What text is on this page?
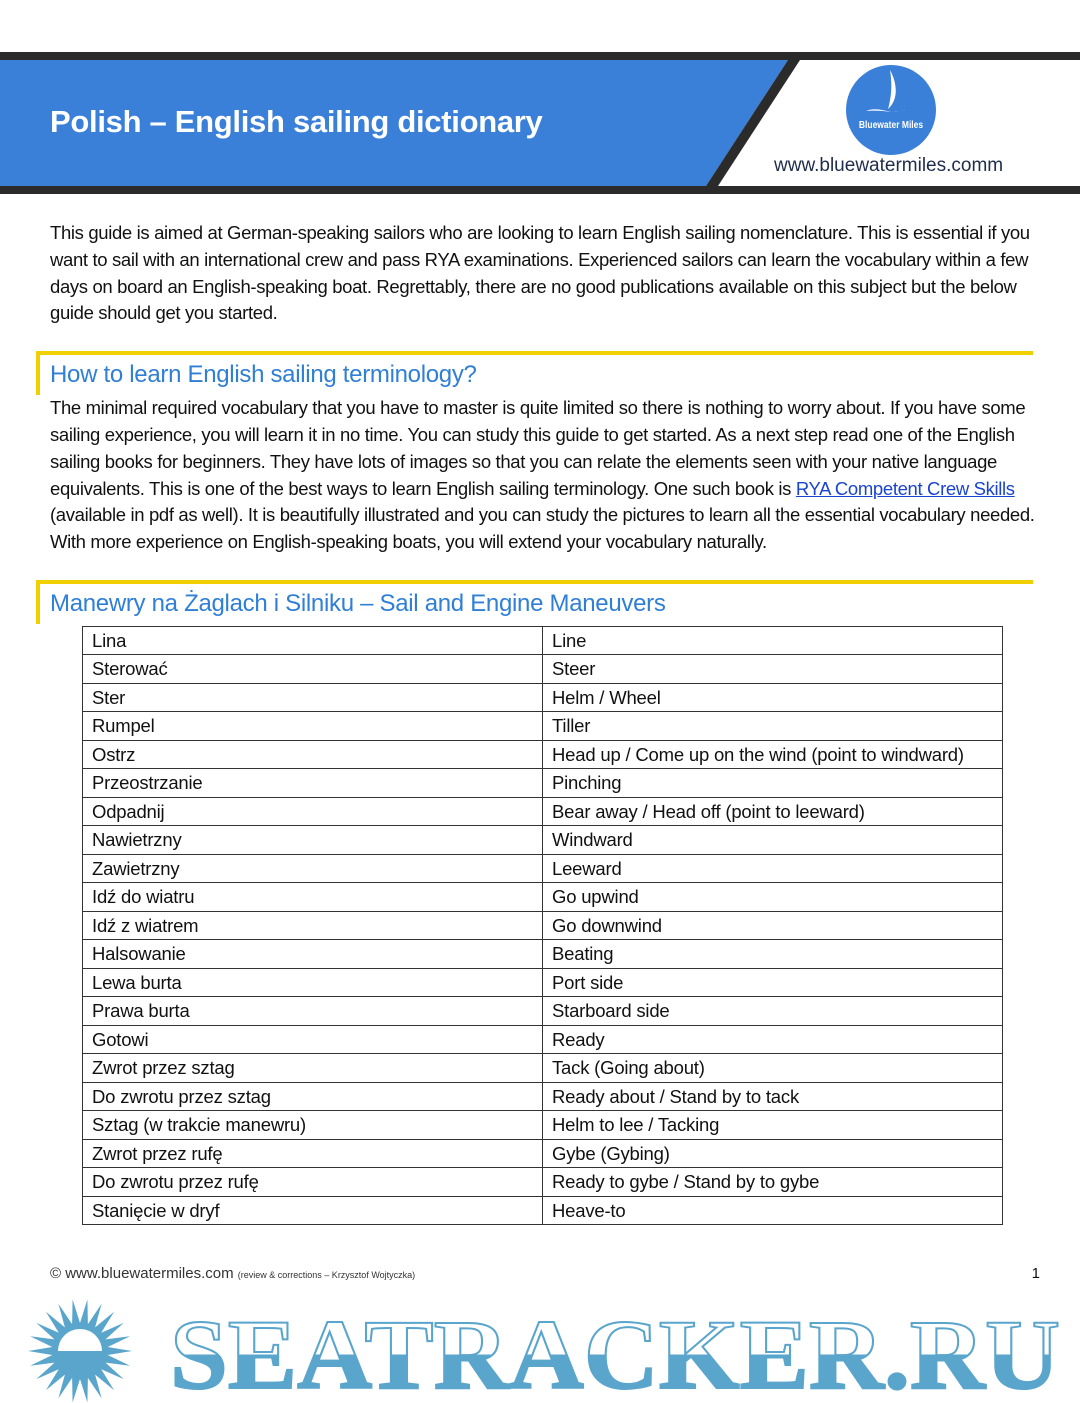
Polish – English sailing dictionary	Bluewater Miles
www.bluewatermiles.comm

This guide is aimed at German-speaking sailors who are looking to learn English sailing nomenclature. This is essential if you want to sail with an international crew and pass RYA examinations. Experienced sailors can learn the vocabulary within a few days on board an English-speaking boat. Regrettably, there are no good publications available on this subject but the below guide should get you started.

How to learn English sailing terminology?

The minimal required vocabulary that you have to master is quite limited so there is nothing to worry about. If you have some sailing experience, you will learn it in no time. You can study this guide to get started. As a next step read one of the English sailing books for beginners. They have lots of images so that you can relate the elements seen with your native language equivalents. This is one of the best ways to learn English sailing terminology. One such book is RYA Competent Crew Skills (available in pdf as well). It is beautifully illustrated and you can study the pictures to learn all the essential vocabulary needed. With more experience on English-speaking boats, you will extend your vocabulary naturally.

Manewry na Żaglach i Silniku – Sail and Engine Maneuvers
Lina	Line
Sterować	Steer
Ster	Helm / Wheel
Rumpel	Tiller
Ostrz	Head up / Come up on the wind (point to windward)
Przeostrzanie	Pinching
Odpadnij	Bear away / Head off (point to leeward)
Nawietrzny	Windward
Zawietrzny	Leeward
Idź do wiatru	Go upwind
Idź z wiatrem	Go downwind
Halsowanie	Beating
Lewa burta	Port side
Prawa burta	Starboard side
Gotowi	Ready
Zwrot przez sztag	Tack (Going about)
Do zwrotu przez sztag	Ready about / Stand by to tack
Sztag (w trakcie manewru)	Helm to lee / Tacking
Zwrot przez rufę	Gybe (Gybing)
Do zwrotu przez rufę	Ready to gybe / Stand by to gybe
Stanięcie w dryf	Heave-to
© www.bluewatermiles.com (review & corrections – Krzysztof Wojtyczka)	1
SEATRACKER.RU
